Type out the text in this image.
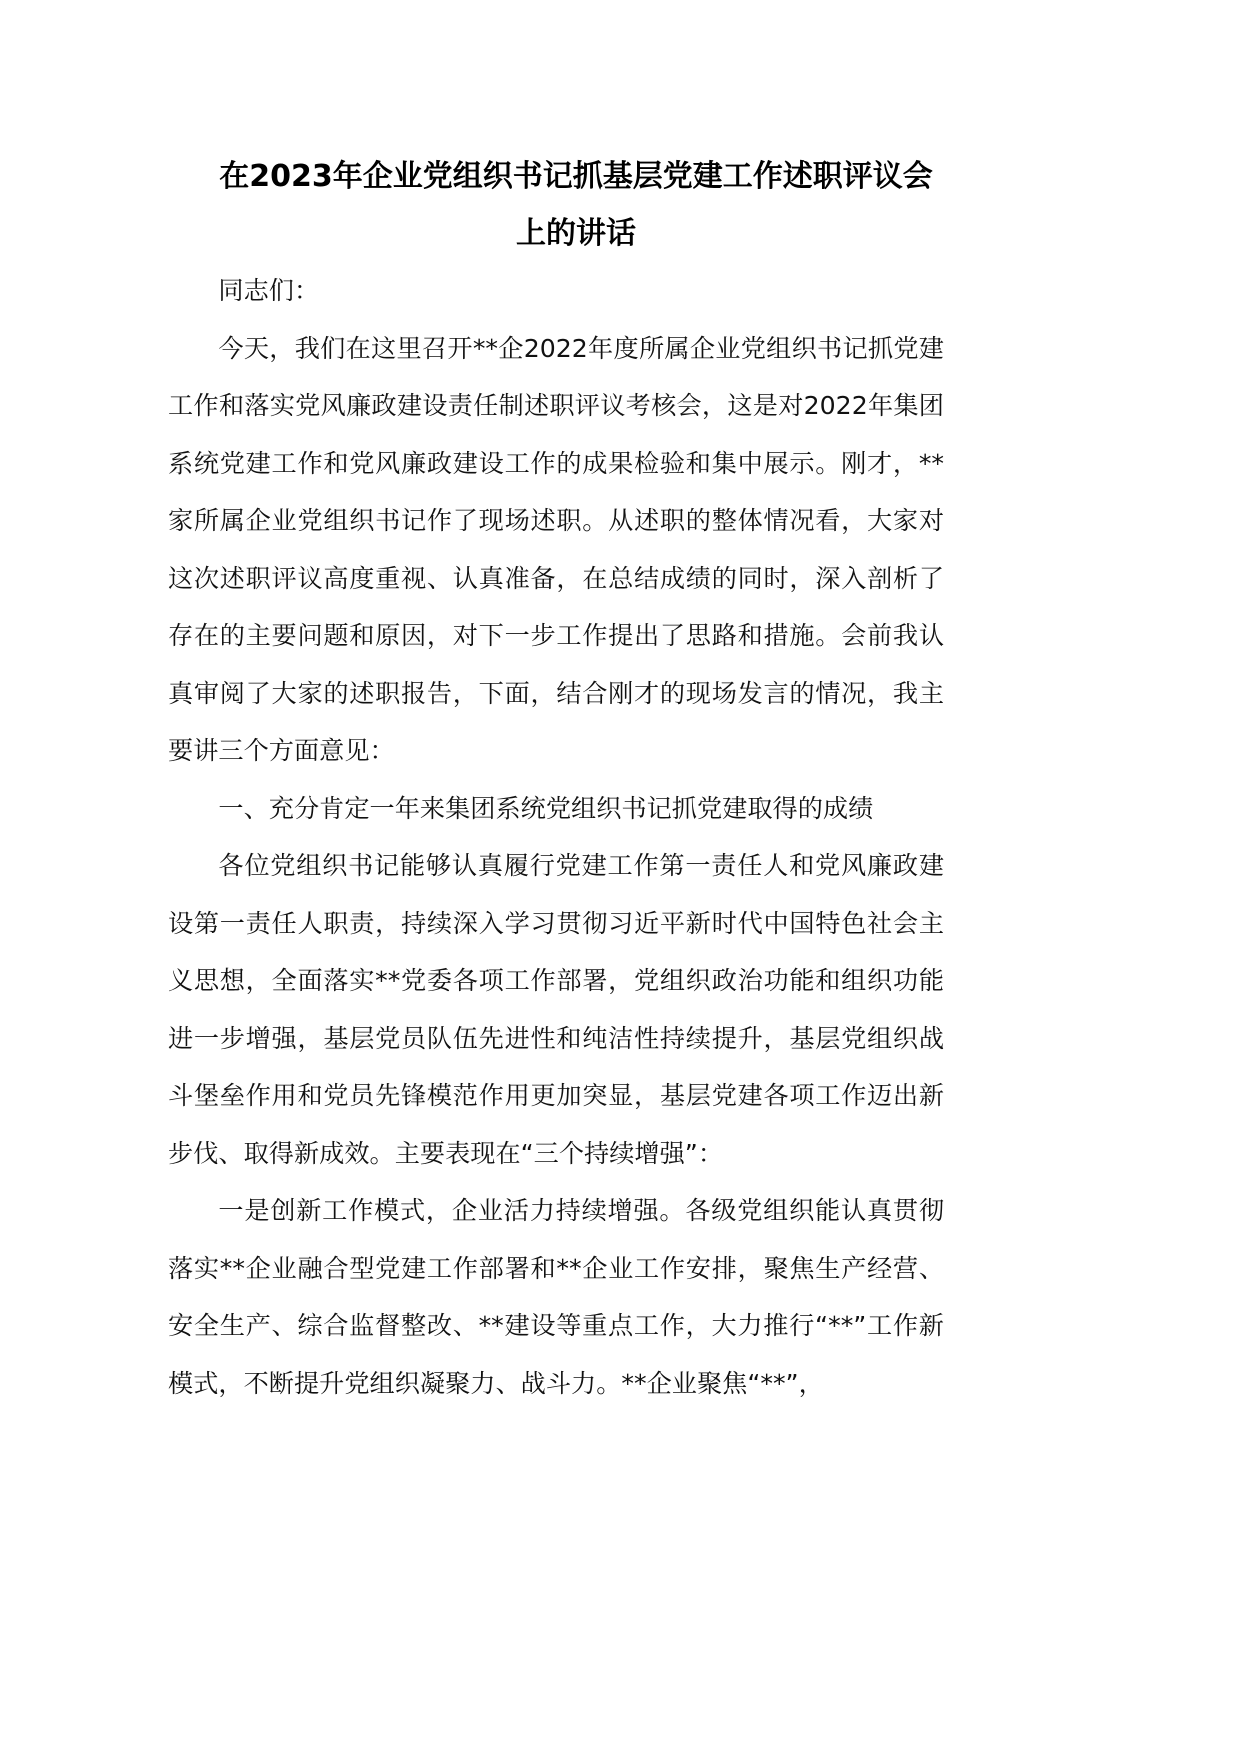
在2023年企业党组织书记抓基层党建工作述职评议会
上的讲话

同志们：

今天，我们在这里召开**企2022年度所属企业党组织书记抓党建工作和落实党风廉政建设责任制述职评议考核会，这是对2022年集团系统党建工作和党风廉政建设工作的成果检验和集中展示。刚才，**家所属企业党组织书记作了现场述职。从述职的整体情况看，大家对这次述职评议高度重视、认真准备，在总结成绩的同时，深入剖析了存在的主要问题和原因，对下一步工作提出了思路和措施。会前我认真审阅了大家的述职报告，下面，结合刚才的现场发言的情况，我主要讲三个方面意见：

一、充分肯定一年来集团系统党组织书记抓党建取得的成绩

各位党组织书记能够认真履行党建工作第一责任人和党风廉政建设第一责任人职责，持续深入学习贯彻习近平新时代中国特色社会主义思想，全面落实**党委各项工作部署，党组织政治功能和组织功能进一步增强，基层党员队伍先进性和纯洁性持续提升，基层党组织战斗堡垒作用和党员先锋模范作用更加突显，基层党建各项工作迈出新步伐、取得新成效。主要表现在“三个持续增强”：

一是创新工作模式，企业活力持续增强。各级党组织能认真贯彻落实**企业融合型党建工作部署和**企业工作安排，聚焦生产经营、安全生产、综合监督整改、**建设等重点工作，大力推行“**”工作新模式，不断提升党组织凝聚力、战斗力。**企业聚焦“**”，
